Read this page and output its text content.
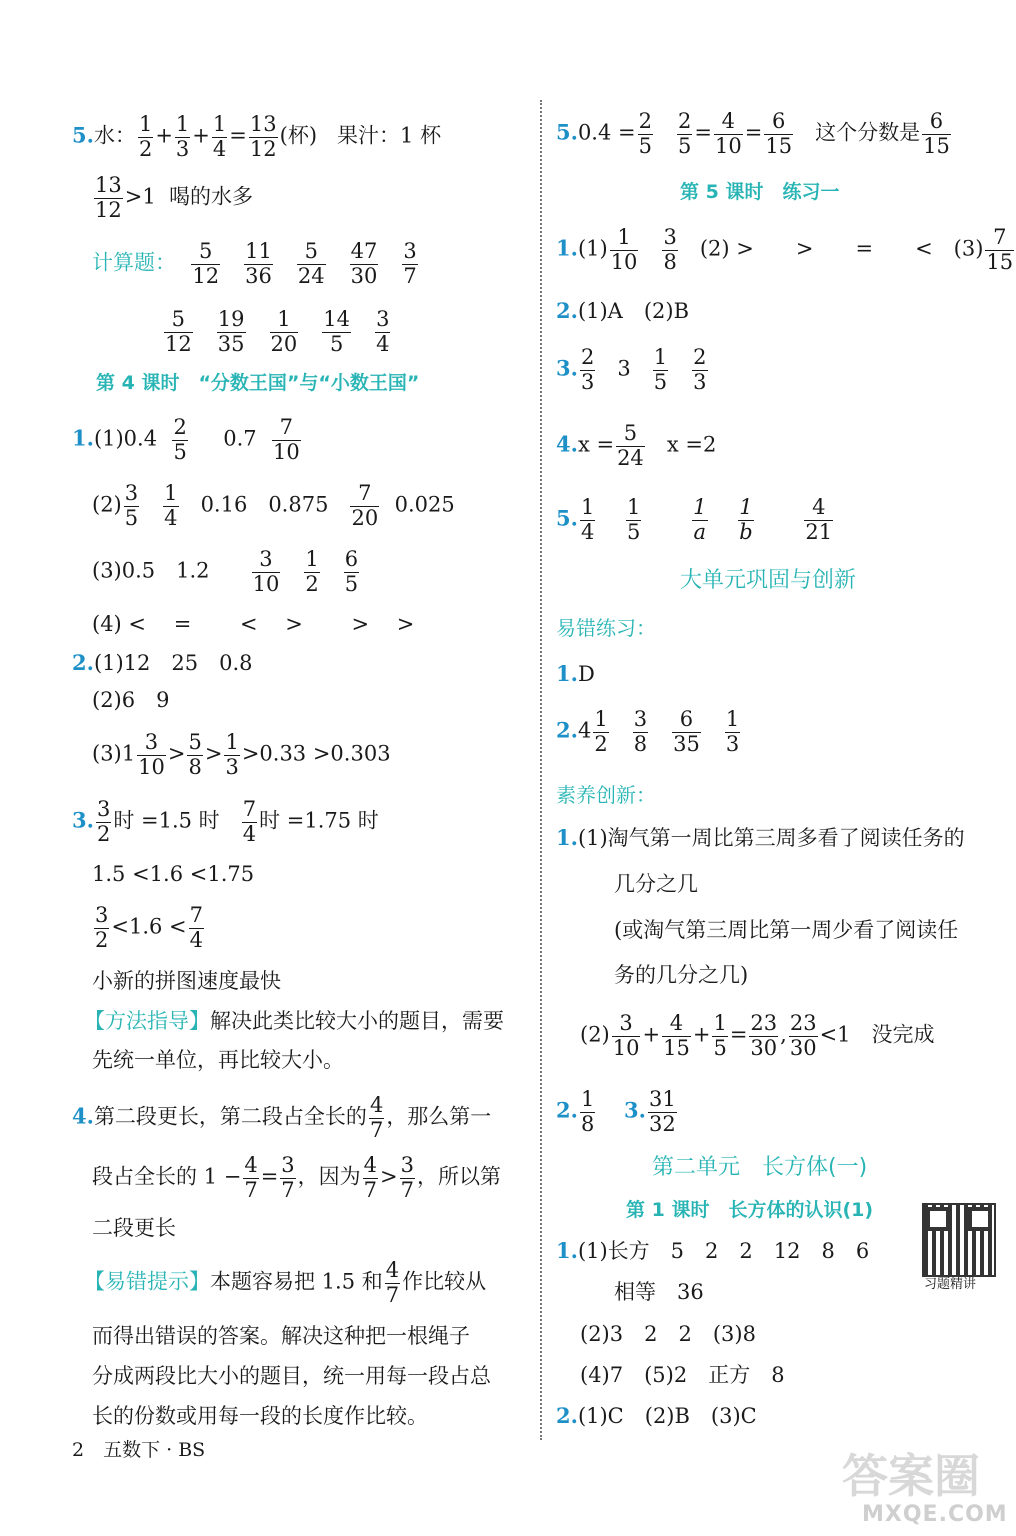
5.水： $\frac{1}{2} + \frac{1}{3} + \frac{1}{4} = \frac{13}{12}$ (杯) 果汁：1 杯
$\frac{13}{12} >1$ 喝的水多
计算题： $\frac{5}{12}$
$\frac{11}{36}$
$\frac{5}{24}$
$\frac{47}{30}$
$\frac{3}{7}$
$\frac{5}{12}$
$\frac{19}{35}$
$\frac{1}{20}$
$\frac{14}{5}$
$\frac{3}{4}$
第 4 课时　“分数王国”与“小数王国”
$1.(1)0.4 \frac{2}{5} 0.7 \frac{7}{10}$
$(2) \frac{3}{5}$
$\frac{1}{4} 0.16$　$0.875 \frac{7}{20} 0.025$
(3)0.5　$1.2 \frac{3}{10}$
$\frac{1}{2}$
$\frac{6}{5}$
(4) <　 =　　 <　 >　　 >　 >
2.(1)12　25　0.8
(2)6　9
$(3)1 \frac{3}{10} > \frac{5}{8} > \frac{1}{3} >0.33 >0.303$
3. $\frac{3}{2}$ 时 =1.5 时 $\frac{7}{4}$ 时 =1.75 时
1.5 <1.6 <1.75
$\frac{3}{2} <1.6 < \frac{7}{4}$
小新的拼图速度最快
【方法指导】解决此类比较大小的题目，需要
先统一单位，再比较大小。
4.第二段更长，第二段占全长的 $\frac{4}{7}$ ，那么第一
段占全长的 $1 - \frac{4}{7} = \frac{3}{7}$ ，因为 $\frac{4}{7} > \frac{3}{7}$ ，所以第
二段更长
【易错提示】本题容易把 1.5 和 $\frac{4}{7}$ 作比较从
而得出错误的答案。解决这种把一根绳子
分成两段比大小的题目，统一用每一段占总
长的份数或用每一段的长度作比较。
2　五数下 · BS
$5.0.4 = \frac{2}{5}$
$\frac{2}{5} = \frac{4}{10} = \frac{6}{15}$ 这个分数是 $\frac{6}{15}$
第 5 课时　练习一
$1.(1) \frac{1}{10}$
$\frac{3}{8} (2)$ >　　>　　=　　<　$(3) \frac{7}{15}$
2.(1)A　(2)B
3. $\frac{2}{3} 3 \frac{1}{5}$
$\frac{2}{3}$
$4.x = \frac{5}{24}$ x =2
5. $\frac{1}{4}$
$\frac{1}{5}$
$\frac{1}{a}$
$\frac{1}{b}$
$\frac{4}{21}$
大单元巩固与创新
易错练习：
1.D
$2.4 \frac{1}{2}$
$\frac{3}{8}$
$\frac{6}{35}$
$\frac{1}{3}$
素养创新：
1.(1)淘气第一周比第三周多看了阅读任务的
几分之几
(或淘气第三周比第一周少看了阅读任
务的几分之几)
$(2) \frac{3}{10} + \frac{4}{15} + \frac{1}{5} = \frac{23}{30}$ , $\frac{23}{30} <1$　没完成
2. $\frac{1}{8} 3$. $\frac{31}{32}$
第二单元　长方体(一)
第 1 课时　长方体的认识(1)
1.(1)长方　5　2　2　12　8　6
相等　36
(2)3　2　2　(3)8
(4)7　(5)2　正方　8
2.(1)C　(2)B　(3)C
习题精讲
答案圈
MXQE.COM
